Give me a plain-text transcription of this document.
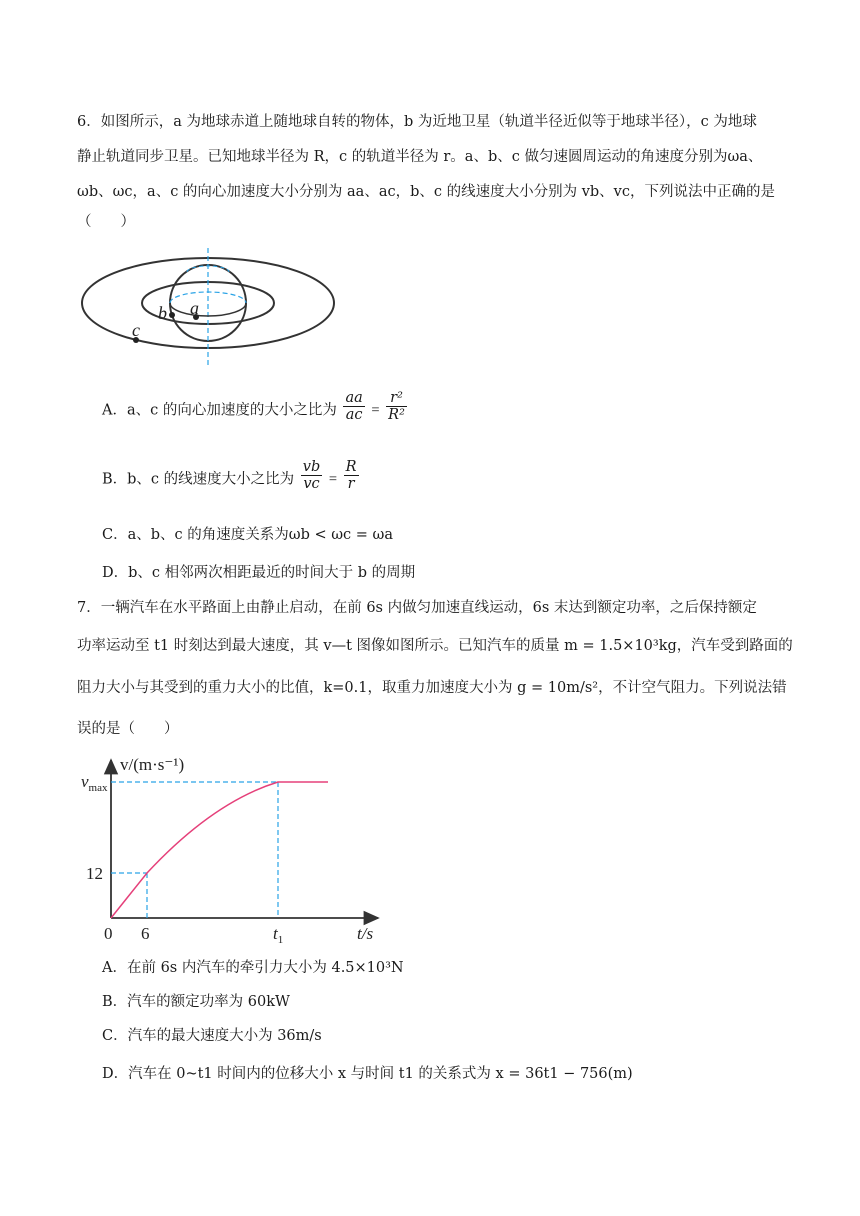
6．如图所示，a 为地球赤道上随地球自转的物体，b 为近地卫星（轨道半径近似等于地球半径），c 为地球
静止轨道同步卫星。已知地球半径为 R，c 的轨道半径为 r。a、b、c 做匀速圆周运动的角速度分别为ωa、
ωb、ωc，a、c 的向心加速度大小分别为 aa、ac，b、c 的线速度大小分别为 vb、vc，下列说法中正确的是
（　　）
a
b
c
A．a、c 的向心加速度的大小之比为 $\frac{aa}{ac} = \frac{\text{r²}}{\text{R²}}$
B．b、c 的线速度大小之比为 $\frac{vb}{vc} = \frac{R}{r}$
C．a、b、c 的角速度关系为ωb < ωc = ωa
D．b、c 相邻两次相距最近的时间大于 b 的周期
7．一辆汽车在水平路面上由静止启动，在前 6s 内做匀加速直线运动，6s 末达到额定功率，之后保持额定
功率运动至 t1 时刻达到最大速度，其 v—t 图像如图所示。已知汽车的质量 m = 1.5×10³kg，汽车受到路面的
阻力大小与其受到的重力大小的比值，k=0.1，取重力加速度大小为 g = 10m/s²，不计空气阻力。下列说法错
误的是（　　）
v/(m·s⁻¹)
$v_{max}$
12
0 6	$t_1$	t/s
A．在前 6s 内汽车的牵引力大小为 4.5×10³N
B．汽车的额定功率为 60kW
C．汽车的最大速度大小为 36m/s
D．汽车在 0~t1 时间内的位移大小 x 与时间 t1 的关系式为 x = 36t1 − 756(m)
